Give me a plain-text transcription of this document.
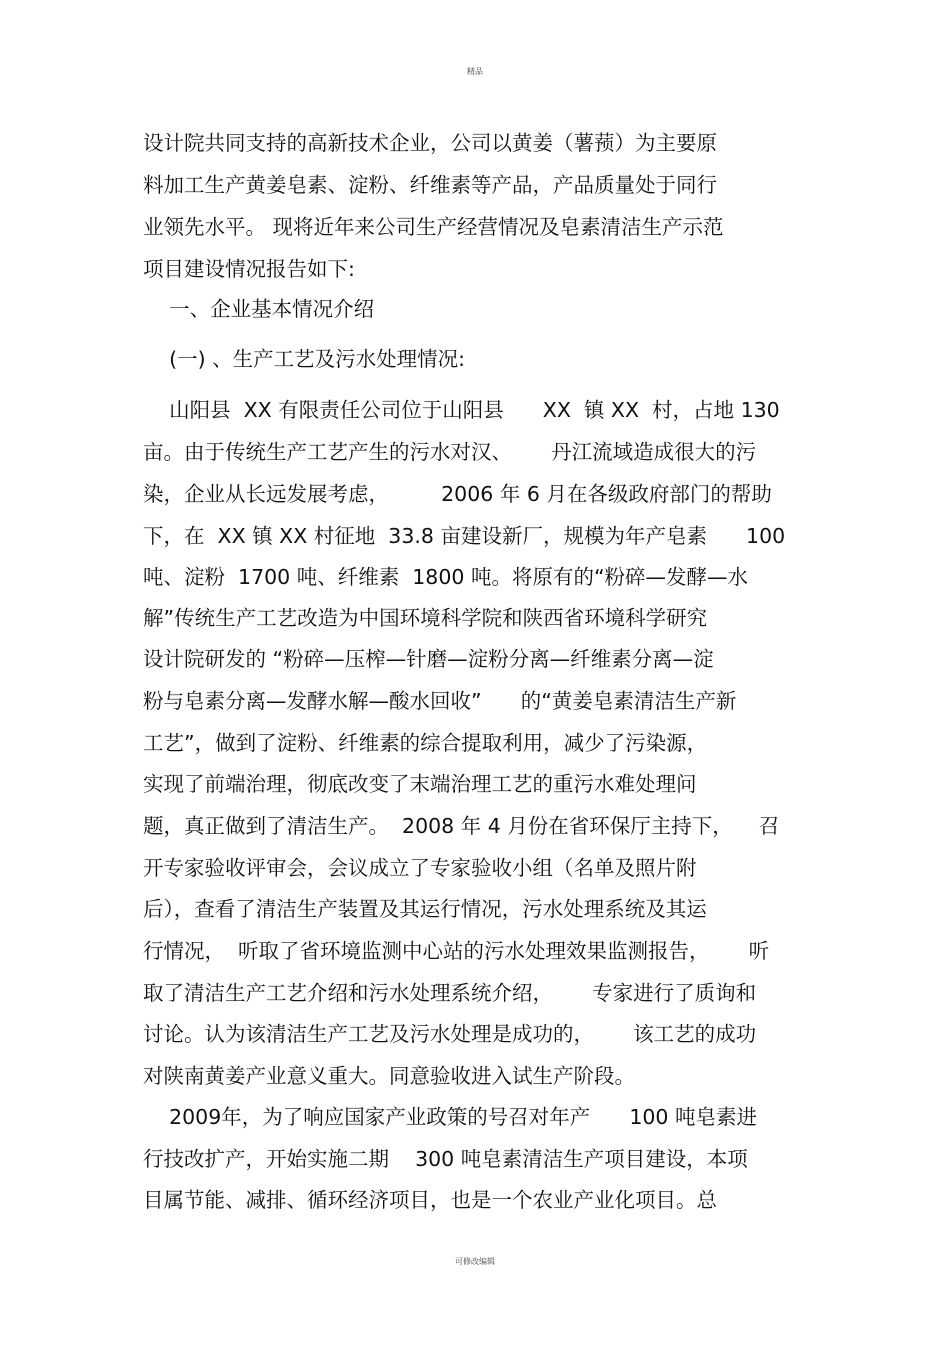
精品
设计院共同支持的高新技术企业，公司以黄姜（薯蓣）为主要原
料加工生产黄姜皂素、淀粉、纤维素等产品，产品质量处于同行
业领先水平。 现将近年来公司生产经营情况及皂素清洁生产示范
项目建设情况报告如下:
一、企业基本情况介绍
(一) 、生产工艺及污水处理情况:
山阳县  XX 有限责任公司位于山阳县      XX  镇 XX  村，占地 130
亩。由于传统生产工艺产生的污水对汉、      丹江流域造成很大的污
染，企业从长远发展考虑，        2006 年 6 月在各级政府部门的帮助
下，在  XX 镇 XX 村征地  33.8 亩建设新厂，规模为年产皂素      100
吨、淀粉  1700 吨、纤维素  1800 吨。将原有的“粉碎—发酵—水
解”传统生产工艺改造为中国环境科学院和陕西省环境科学研究
设计院研发的 “粉碎—压榨—针磨—淀粉分离—纤维素分离—淀
粉与皂素分离—发酵水解—酸水回收”      的“黄姜皂素清洁生产新
工艺”，做到了淀粉、纤维素的综合提取利用，减少了污染源，
实现了前端治理，彻底改变了末端治理工艺的重污水难处理问
题，真正做到了清洁生产。  2008 年 4 月份在省环保厅主持下，    召
开专家验收评审会，会议成立了专家验收小组（名单及照片附
后），查看了清洁生产装置及其运行情况，污水处理系统及其运
行情况，  听取了省环境监测中心站的污水处理效果监测报告，      听
取了清洁生产工艺介绍和污水处理系统介绍，      专家进行了质询和
讨论。认为该清洁生产工艺及污水处理是成功的，      该工艺的成功
对陕南黄姜产业意义重大。同意验收进入试生产阶段。
2009年，为了响应国家产业政策的号召对年产      100 吨皂素进
行技改扩产，开始实施二期    300 吨皂素清洁生产项目建设，本项
目属节能、减排、循环经济项目，也是一个农业产业化项目。总
可修改编辑
